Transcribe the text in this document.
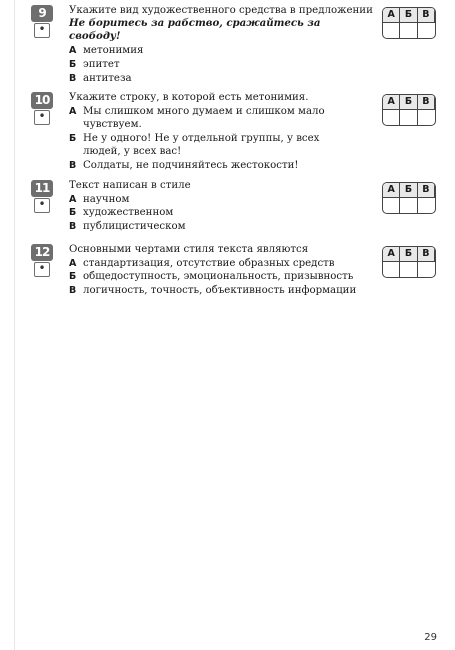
9
•
Укажите вид художественного средства в предложении Не боритесь за рабство, сражайтесь за свободу!
А метонимия
Б эпитет
В антитеза
А	Б	В
10
•
Укажите строку, в которой есть метонимия.
А Мы слишком много думаем и слишком мало чувствуем.
Б Не у одного! Не у отдельной группы, у всех людей, у всех вас!
В Солдаты, не подчиняйтесь жестокости!
А	Б	В
11
•
Текст написан в стиле
А научном
Б художественном
В публицистическом
А	Б	В
12
•
Основными чертами стиля текста являются
А стандартизация, отсутствие образных средств
Б общедоступность, эмоциональность, призывность
В логичность, точность, объективность информации
А	Б	В
29
